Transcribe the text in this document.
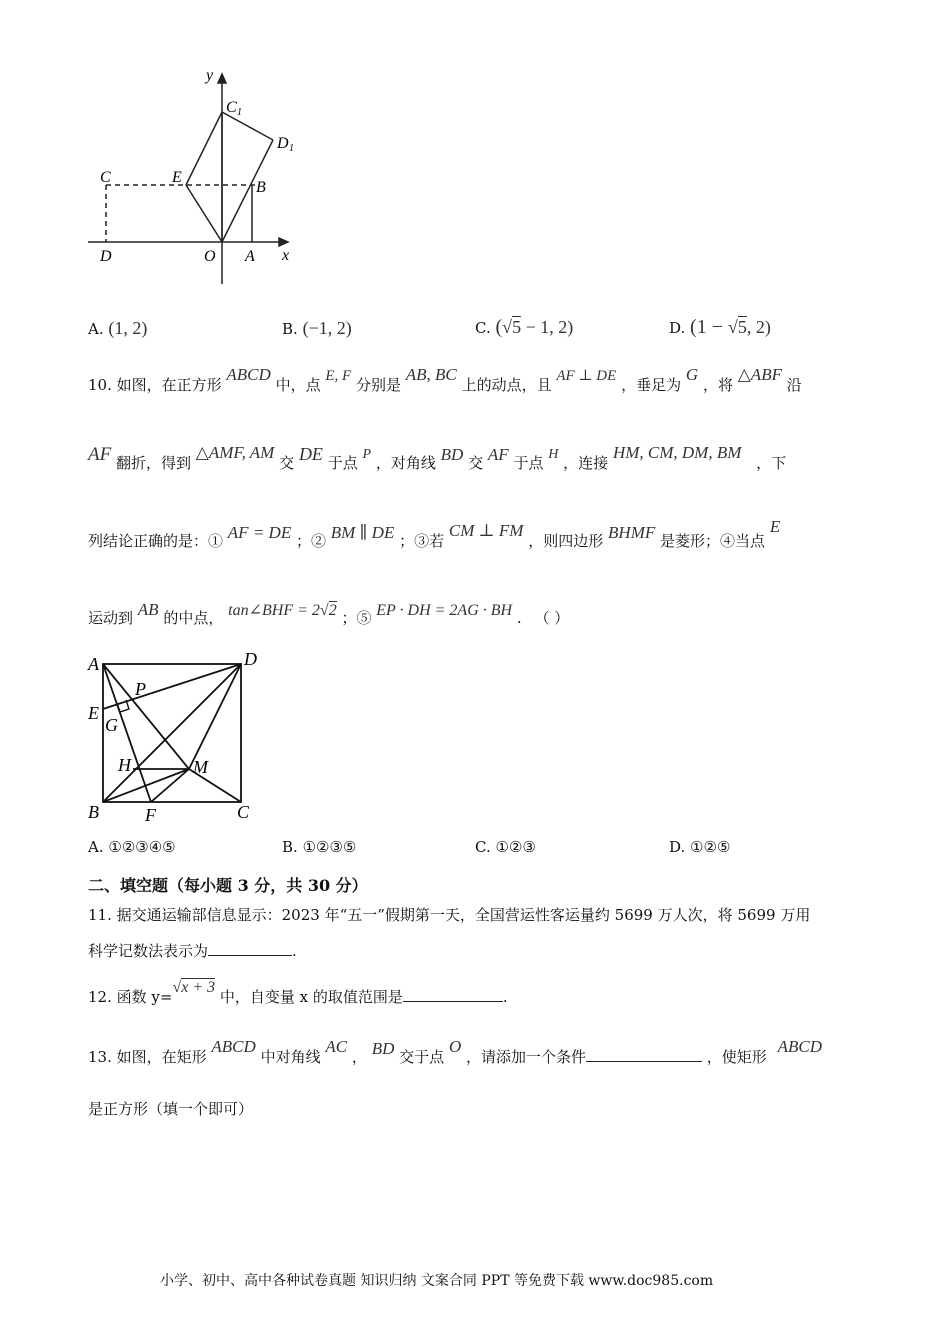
y
x
C 1
D 1
C	E
B
D	O A
A. (1, 2)	B. (−1, 2)	C. (√5 − 1, 2)	D. (1 − √5, 2)
10. 如图，在正方形 ABCD 中，点 E, F 分别是 AB, BC 上的动点，且 AF ⊥ DE ，垂足为 G ，将 △ABF 沿
AF 翻折，得到 △AMF, AM 交 DE 于点 P ，对角线 BD 交 AF 于点 H ，连接 HM, CM, DM, BM ，下
列结论正确的是：① AF = DE ；② BM ∥ DE ；③若 CM ⊥ FM ，则四边形 BHMF 是菱形；④当点 E
运动到 AB 的中点， tan∠BHF = 2√2 ；⑤ EP · DH = 2AG · BH . （ ）
A	D
P
E
G
H	M
B	F	C
A. ①②③④⑤	B. ①②③⑤	C. ①②③	D. ①②⑤
二、填空题（每小题 3 分，共 30 分）
11. 据交通运输部信息显示：2023 年“五一”假期第一天，全国营运性客运量约 5699 万人次，将 5699 万用
科学记数法表示为	.
12. 函数 y=√x + 3 中，自变量 x 的取值范围是	.
13. 如图，在矩形 ABCD 中对角线 AC ， BD 交于点 O ，请添加一个条件	，使矩形 ABCD
是正方形（填一个即可）
小学、初中、高中各种试卷真题 知识归纳 文案合同 PPT 等免费下载 www.doc985.com
